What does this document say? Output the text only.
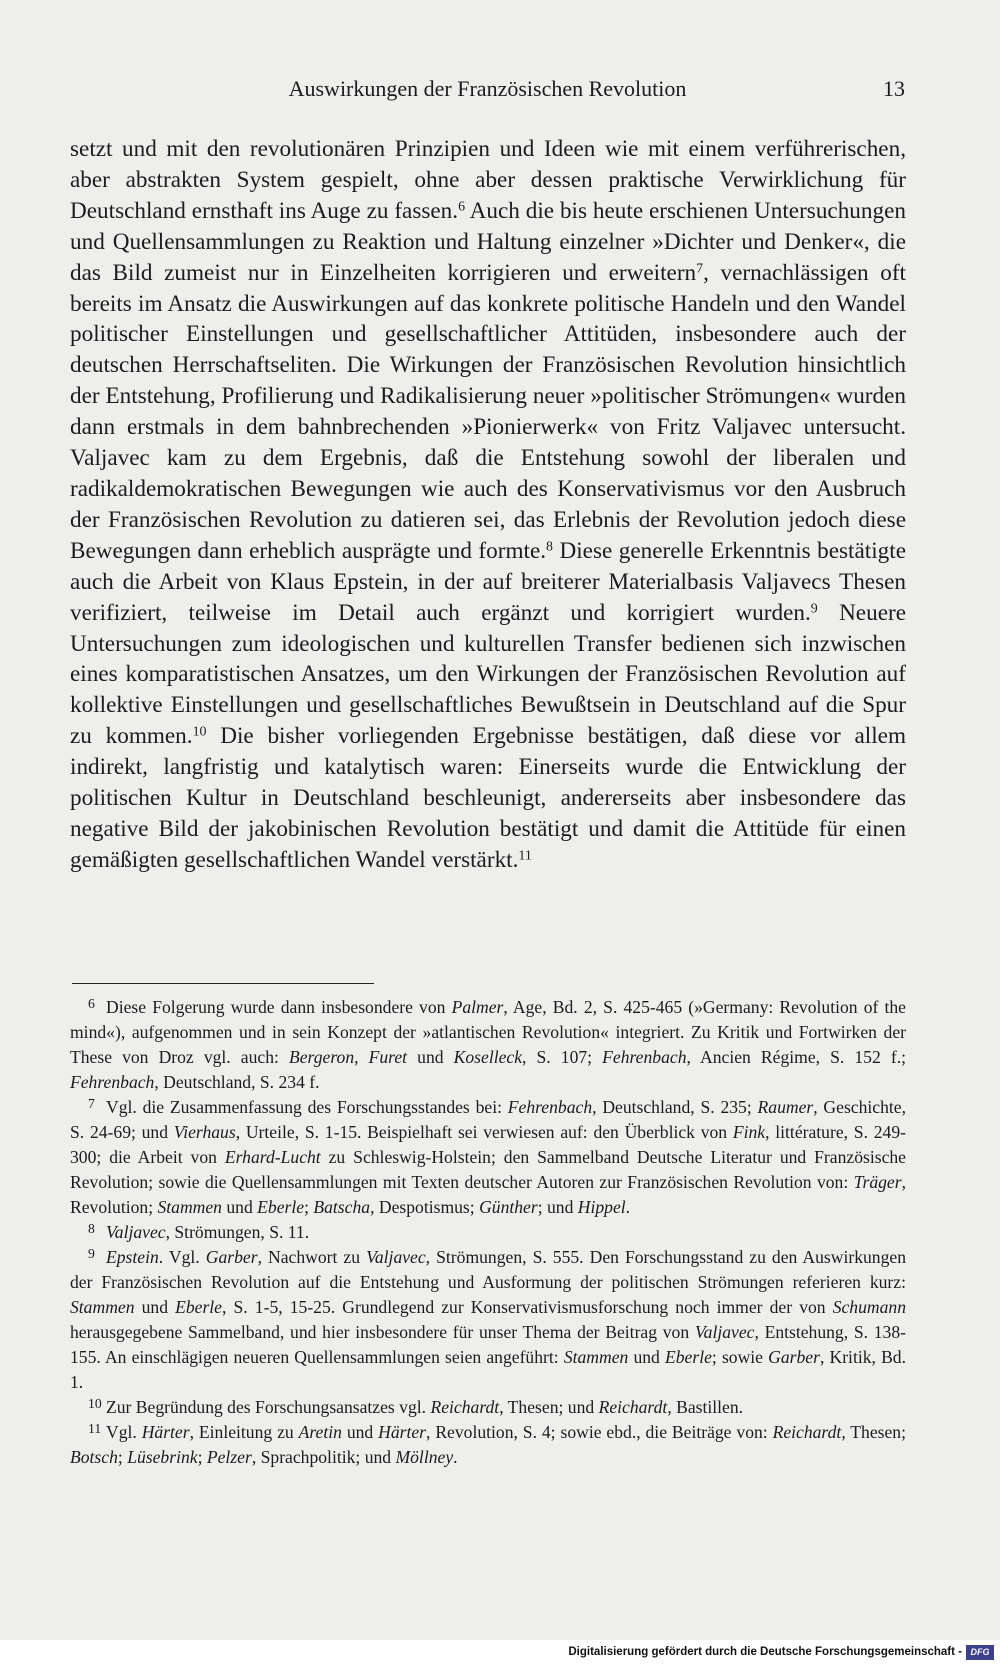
Auswirkungen der Französischen Revolution	13

setzt und mit den revolutionären Prinzipien und Ideen wie mit einem verführerischen, aber abstrakten System gespielt, ohne aber dessen praktische Verwirklichung für Deutschland ernsthaft ins Auge zu fassen.$^6$ Auch die bis heute erschienen Untersuchungen und Quellensammlungen zu Reaktion und Haltung einzelner »Dichter und Denker«, die das Bild zumeist nur in Einzelheiten korrigieren und erweitern$^7$, vernachlässigen oft bereits im Ansatz die Auswirkungen auf das konkrete politische Handeln und den Wandel politischer Einstellungen und gesellschaftlicher Attitüden, insbesondere auch der deutschen Herrschaftseliten. Die Wirkungen der Französischen Revolution hinsichtlich der Entstehung, Profilierung und Radikalisierung neuer »politischer Strömungen« wurden dann erstmals in dem bahnbrechenden »Pionierwerk« von Fritz Valjavec untersucht. Valjavec kam zu dem Ergebnis, daß die Entstehung sowohl der liberalen und radikaldemokratischen Bewegungen wie auch des Konservativismus vor den Ausbruch der Französischen Revolution zu datieren sei, das Erlebnis der Revolution jedoch diese Bewegungen dann erheblich ausprägte und formte.$^8$ Diese generelle Erkenntnis bestätigte auch die Arbeit von Klaus Epstein, in der auf breiterer Materialbasis Valjavecs Thesen verifiziert, teilweise im Detail auch ergänzt und korrigiert wurden.$^9$ Neuere Untersuchungen zum ideologischen und kulturellen Transfer bedienen sich inzwischen eines komparatistischen Ansatzes, um den Wirkungen der Französischen Revolution auf kollektive Einstellungen und gesellschaftliches Bewußtsein in Deutschland auf die Spur zu kommen.$^{10}$ Die bisher vorliegenden Ergebnisse bestätigen, daß diese vor allem indirekt, langfristig und katalytisch waren: Einerseits wurde die Entwicklung der politischen Kultur in Deutschland beschleunigt, andererseits aber insbesondere das negative Bild der jakobinischen Revolution bestätigt und damit die Attitüde für einen gemäßigten gesellschaftlichen Wandel verstärkt.$^{11}$

6 Diese Folgerung wurde dann insbesondere von Palmer, Age, Bd. 2, S. 425-465 (»Germany: Revolution of the mind«), aufgenommen und in sein Konzept der »atlantischen Revolution« integriert. Zu Kritik und Fortwirken der These von Droz vgl. auch: Bergeron, Furet und Koselleck, S. 107; Fehrenbach, Ancien Régime, S. 152 f.; Fehrenbach, Deutschland, S. 234 f.

7 Vgl. die Zusammenfassung des Forschungsstandes bei: Fehrenbach, Deutschland, S. 235; Raumer, Geschichte, S. 24-69; und Vierhaus, Urteile, S. 1-15. Beispielhaft sei verwiesen auf: den Überblick von Fink, littérature, S. 249-300; die Arbeit von Erhard-Lucht zu Schleswig-Holstein; den Sammelband Deutsche Literatur und Französische Revolution; sowie die Quellensammlungen mit Texten deutscher Autoren zur Französischen Revolution von: Träger, Revolution; Stammen und Eberle; Batscha, Despotismus; Günther; und Hippel.

8 Valjavec, Strömungen, S. 11.

9 Epstein. Vgl. Garber, Nachwort zu Valjavec, Strömungen, S. 555. Den Forschungsstand zu den Auswirkungen der Französischen Revolution auf die Entstehung und Ausformung der politischen Strömungen referieren kurz: Stammen und Eberle, S. 1-5, 15-25. Grundlegend zur Konservativismusforschung noch immer der von Schumann herausgegebene Sammelband, und hier insbesondere für unser Thema der Beitrag von Valjavec, Entstehung, S. 138-155. An einschlägigen neueren Quellensammlungen seien angeführt: Stammen und Eberle; sowie Garber, Kritik, Bd. 1.

10 Zur Begründung des Forschungsansatzes vgl. Reichardt, Thesen; und Reichardt, Bastillen.

11 Vgl. Härter, Einleitung zu Aretin und Härter, Revolution, S. 4; sowie ebd., die Beiträge von: Reichardt, Thesen; Botsch; Lüsebrink; Pelzer, Sprachpolitik; und Möllney.

Digitalisierung gefördert durch die Deutsche Forschungsgemeinschaft - DFG
